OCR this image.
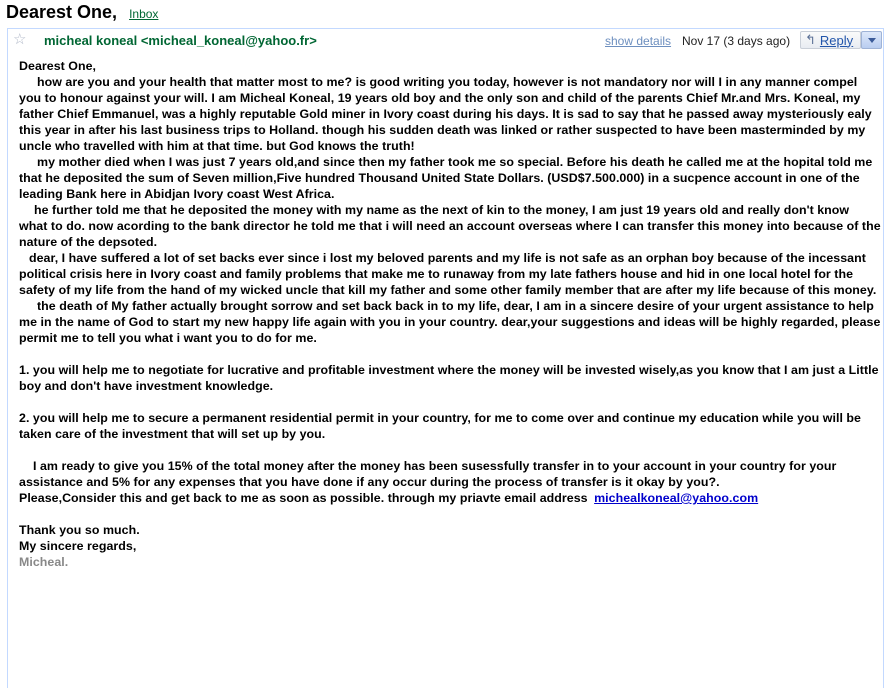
Dearest One, Inbox
☆ micheal koneal <micheal_koneal@yahoo.fr>	show details Nov 17 (3 days ago) ↰ Reply

Dearest One,

how are you and your health that matter most to me? is good writing you today, however is not mandatory nor will I in any manner compel you to honour against your will. I am Micheal Koneal, 19 years old boy and the only son and child of the parents Chief Mr.and Mrs. Koneal, my father Chief Emmanuel, was a highly reputable Gold miner in Ivory coast during his days. It is sad to say that he passed away mysteriously ealy this year in after his last business trips to Holland. though his sudden death was linked or rather suspected to have been masterminded by my uncle who travelled with him at that time. but God knows the truth!

my mother died when I was just 7 years old,and since then my father took me so special. Before his death he called me at the hopital told me that he deposited the sum of Seven million,Five hundred Thousand United State Dollars. (USD$7.500.000) in a sucpence account in one of the leading Bank here in Abidjan Ivory coast West Africa.

he further told me that he deposited the money with my name as the next of kin to the money, I am just 19 years old and really don't know what to do. now acording to the bank director he told me that i will need an account overseas where I can transfer this money into because of the nature of the depsoted.

dear, I have suffered a lot of set backs ever since i lost my beloved parents and my life is not safe as an orphan boy because of the incessant political crisis here in Ivory coast and family problems that make me to runaway from my late fathers house and hid in one local hotel for the safety of my life from the hand of my wicked uncle that kill my father and some other family member that are after my life because of this money.

the death of My father actually brought sorrow and set back back in to my life, dear, I am in a sincere desire of your urgent assistance to help me in the name of God to start my new happy life again with you in your country. dear,your suggestions and ideas will be highly regarded, please permit me to tell you what i want you to do for me.

1. you will help me to negotiate for lucrative and profitable investment where the money will be invested wisely,as you know that I am just a Little boy and don't have investment knowledge.

2. you will help me to secure a permanent residential permit in your country, for me to come over and continue my education while you will be taken care of the investment that will set up by you.

I am ready to give you 15% of the total money after the money has been susessfully transfer in to your account in your country for your assistance and 5% for any expenses that you have done if any occur during the process of transfer is it okay by you?.

Please,Consider this and get back to me as soon as possible. through my priavte email address michealkoneal@yahoo.com

Thank you so much.

My sincere regards,

Micheal.
